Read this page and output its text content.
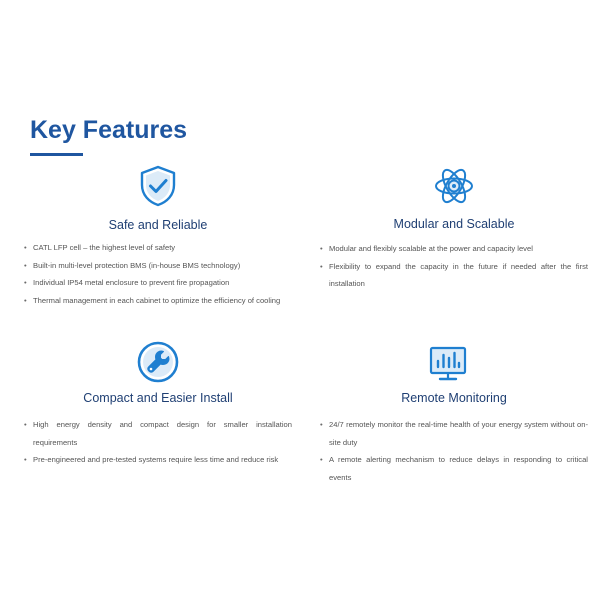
Key Features
Safe and Reliable
• CATL LFP cell – the highest level of safety
• Built-in multi-level protection BMS (in-house BMS technology)
• Individual IP54 metal enclosure to prevent fire propagation
• Thermal management in each cabinet to optimize the efficiency of cooling
Modular and Scalable
• Modular and flexibly scalable at the power and capacity level
• Flexibility to expand the capacity in the future if needed after the first installation
Compact and Easier Install
• High energy density and compact design for smaller installation requirements
• Pre-engineered and pre-tested systems require less time and reduce risk
Remote Monitoring
• 24/7 remotely monitor the real-time health of your energy system without on-site duty
• A remote alerting mechanism to reduce delays in responding to critical events
